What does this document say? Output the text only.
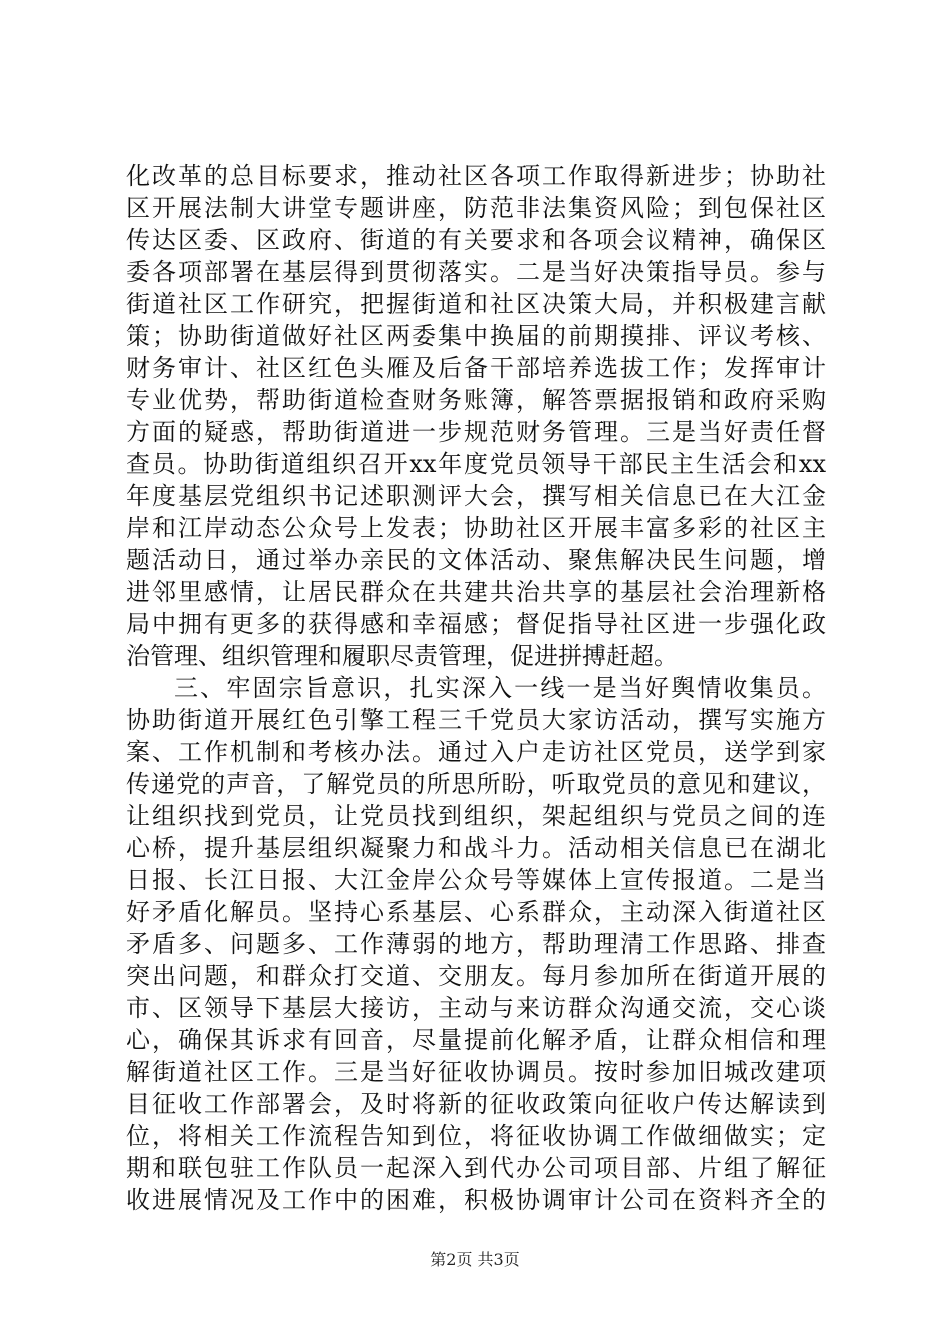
化改革的总目标要求，推动社区各项工作取得新进步；协助社
区开展法制大讲堂专题讲座，防范非法集资风险；到包保社区
传达区委、区政府、街道的有关要求和各项会议精神，确保区
委各项部署在基层得到贯彻落实。二是当好决策指导员。参与
街道社区工作研究，把握街道和社区决策大局，并积极建言献
策；协助街道做好社区两委集中换届的前期摸排、评议考核、
财务审计、社区红色头雁及后备干部培养选拔工作；发挥审计
专业优势，帮助街道检查财务账簿，解答票据报销和政府采购
方面的疑惑，帮助街道进一步规范财务管理。三是当好责任督
查员。协助街道组织召开xx年度党员领导干部民主生活会和xx
年度基层党组织书记述职测评大会，撰写相关信息已在大江金
岸和江岸动态公众号上发表；协助社区开展丰富多彩的社区主
题活动日，通过举办亲民的文体活动、聚焦解决民生问题，增
进邻里感情，让居民群众在共建共治共享的基层社会治理新格
局中拥有更多的获得感和幸福感；督促指导社区进一步强化政
治管理、组织管理和履职尽责管理，促进拼搏赶超。
三、牢固宗旨意识，扎实深入一线一是当好舆情收集员。
协助街道开展红色引擎工程三千党员大家访活动，撰写实施方
案、工作机制和考核办法。通过入户走访社区党员，送学到家
传递党的声音，了解党员的所思所盼，听取党员的意见和建议，
让组织找到党员，让党员找到组织，架起组织与党员之间的连
心桥，提升基层组织凝聚力和战斗力。活动相关信息已在湖北
日报、长江日报、大江金岸公众号等媒体上宣传报道。二是当
好矛盾化解员。坚持心系基层、心系群众，主动深入街道社区
矛盾多、问题多、工作薄弱的地方，帮助理清工作思路、排查
突出问题，和群众打交道、交朋友。每月参加所在街道开展的
市、区领导下基层大接访，主动与来访群众沟通交流，交心谈
心，确保其诉求有回音，尽量提前化解矛盾，让群众相信和理
解街道社区工作。三是当好征收协调员。按时参加旧城改建项
目征收工作部署会，及时将新的征收政策向征收户传达解读到
位，将相关工作流程告知到位，将征收协调工作做细做实；定
期和联包驻工作队员一起深入到代办公司项目部、片组了解征
收进展情况及工作中的困难，积极协调审计公司在资料齐全的
第2页 共3页
